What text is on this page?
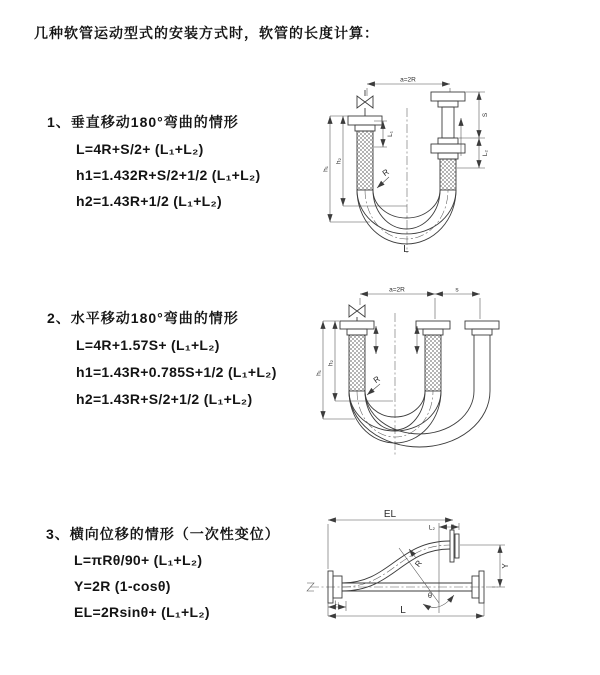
几种软管运动型式的安装方式时，软管的长度计算：
1、垂直移动180°弯曲的情形
L=4R+S/2+ (L₁+L₂)
h1=1.432R+S/2+1/2 (L₁+L₂)
h2=1.43R+1/2 (L₁+L₂)
2、水平移动180°弯曲的情形
L=4R+1.57S+ (L₁+L₂)
h1=1.43R+0.785S+1/2 (L₁+L₂)
h2=1.43R+S/2+1/2 (L₁+L₂)
3、横向位移的情形（一次性变位）
L=πRθ/90+ (L₁+L₂)
Y=2R (1-cosθ)
EL=2Rsinθ+ (L₁+L₂)
a=2R
L₁
S
L₂
h₁
h₂
R
L
a=2R	s
h₁
h₂
R
EL
L₂
Y
R
θ
L₁
L
